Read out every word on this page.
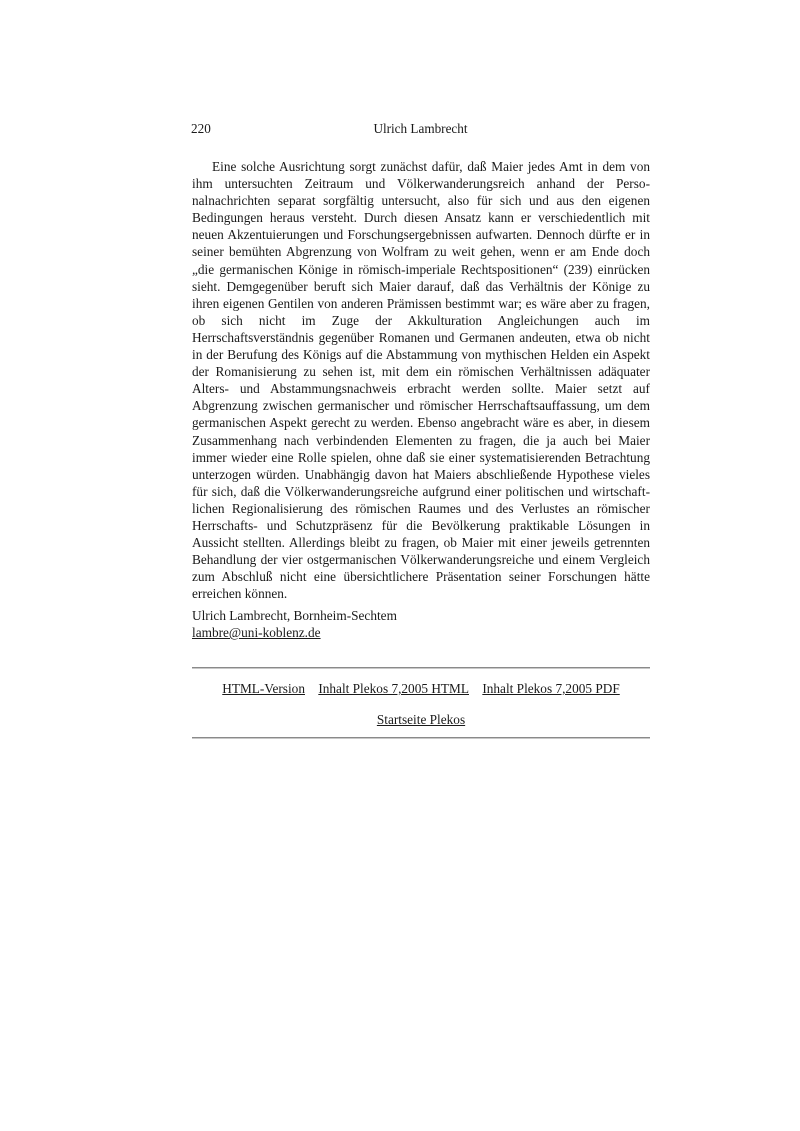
220	Ulrich Lambrecht

Eine solche Ausrichtung sorgt zunächst dafür, daß Maier jedes Amt in dem von ihm untersuchten Zeitraum und Völkerwanderungsreich anhand der Personalnachrichten separat sorgfältig untersucht, also für sich und aus den eigenen Bedingungen heraus versteht. Durch diesen Ansatz kann er verschiedentlich mit neuen Akzentuierungen und Forschungsergebnissen aufwarten. Dennoch dürfte er in seiner bemühten Abgrenzung von Wolfram zu weit gehen, wenn er am Ende doch „die germanischen Könige in römisch-imperiale Rechtspositionen“ (239) einrücken sieht. Demgegenüber beruft sich Maier darauf, daß das Verhältnis der Könige zu ihren eigenen Gentilen von anderen Prämissen bestimmt war; es wäre aber zu fragen, ob sich nicht im Zuge der Akkulturation Angleichungen auch im Herrschaftsverständnis gegenüber Romanen und Germanen andeuten, etwa ob nicht in der Berufung des Königs auf die Abstammung von mythischen Helden ein Aspekt der Romanisierung zu sehen ist, mit dem ein römischen Verhältnissen adäquater Alters- und Abstammungsnachweis erbracht werden sollte. Maier setzt auf Abgrenzung zwischen germanischer und römischer Herrschaftsauffassung, um dem germanischen Aspekt gerecht zu werden. Ebenso angebracht wäre es aber, in diesem Zusammenhang nach verbindenden Elementen zu fragen, die ja auch bei Maier immer wieder eine Rolle spielen, ohne daß sie einer systematisierenden Betrachtung unterzogen würden. Unabhängig davon hat Maiers abschließende Hypothese vieles für sich, daß die Völkerwanderungsreiche aufgrund einer politischen und wirtschaftlichen Regionalisierung des römischen Raumes und des Verlustes an römischer Herrschafts- und Schutzpräsenz für die Bevölkerung praktikable Lösungen in Aussicht stellten. Allerdings bleibt zu fragen, ob Maier mit einer jeweils getrennten Behandlung der vier ostgermanischen Völkerwanderungsreiche und einem Vergleich zum Abschluß nicht eine übersichtlichere Präsentation seiner Forschungen hätte erreichen können.

Ulrich Lambrecht, Bornheim-Sechtem
lambre@uni-koblenz.de
HTML-Version Inhalt Plekos 7,2005 HTML Inhalt Plekos 7,2005 PDF
Startseite Plekos
